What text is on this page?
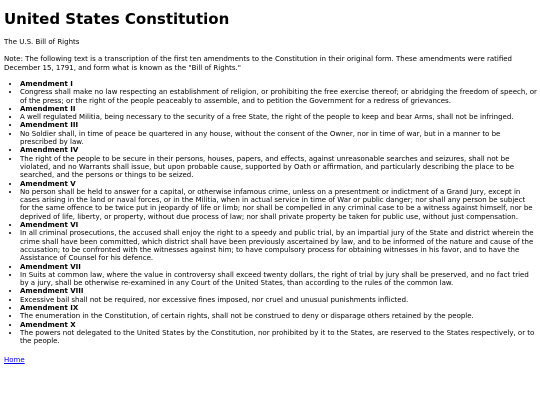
United States Constitution

The U.S. Bill of Rights

Note: The following text is a transcription of the first ten amendments to the Constitution in their original form. These amendments were ratified December 15, 1791, and form what is known as the "Bill of Rights."

• Amendment I
• Congress shall make no law respecting an establishment of religion, or prohibiting the free exercise thereof; or abridging the freedom of speech, or of the press; or the right of the people peaceably to assemble, and to petition the Government for a redress of grievances.
• Amendment II
• A well regulated Militia, being necessary to the security of a free State, the right of the people to keep and bear Arms, shall not be infringed.
• Amendment III
• No Soldier shall, in time of peace be quartered in any house, without the consent of the Owner, nor in time of war, but in a manner to be prescribed by law.
• Amendment IV
• The right of the people to be secure in their persons, houses, papers, and effects, against unreasonable searches and seizures, shall not be violated, and no Warrants shall issue, but upon probable cause, supported by Oath or affirmation, and particularly describing the place to be searched, and the persons or things to be seized.
• Amendment V
• No person shall be held to answer for a capital, or otherwise infamous crime, unless on a presentment or indictment of a Grand Jury, except in cases arising in the land or naval forces, or in the Militia, when in actual service in time of War or public danger; nor shall any person be subject for the same offence to be twice put in jeopardy of life or limb; nor shall be compelled in any criminal case to be a witness against himself, nor be deprived of life, liberty, or property, without due process of law; nor shall private property be taken for public use, without just compensation.
• Amendment VI
• In all criminal prosecutions, the accused shall enjoy the right to a speedy and public trial, by an impartial jury of the State and district wherein the crime shall have been committed, which district shall have been previously ascertained by law, and to be informed of the nature and cause of the accusation; to be confronted with the witnesses against him; to have compulsory process for obtaining witnesses in his favor, and to have the Assistance of Counsel for his defence.
• Amendment VII
• In Suits at common law, where the value in controversy shall exceed twenty dollars, the right of trial by jury shall be preserved, and no fact tried by a jury, shall be otherwise re-examined in any Court of the United States, than according to the rules of the common law.
• Amendment VIII
• Excessive bail shall not be required, nor excessive fines imposed, nor cruel and unusual punishments inflicted.
• Amendment IX
• The enumeration in the Constitution, of certain rights, shall not be construed to deny or disparage others retained by the people.
• Amendment X
• The powers not delegated to the United States by the Constitution, nor prohibited by it to the States, are reserved to the States respectively, or to the people.
Home
